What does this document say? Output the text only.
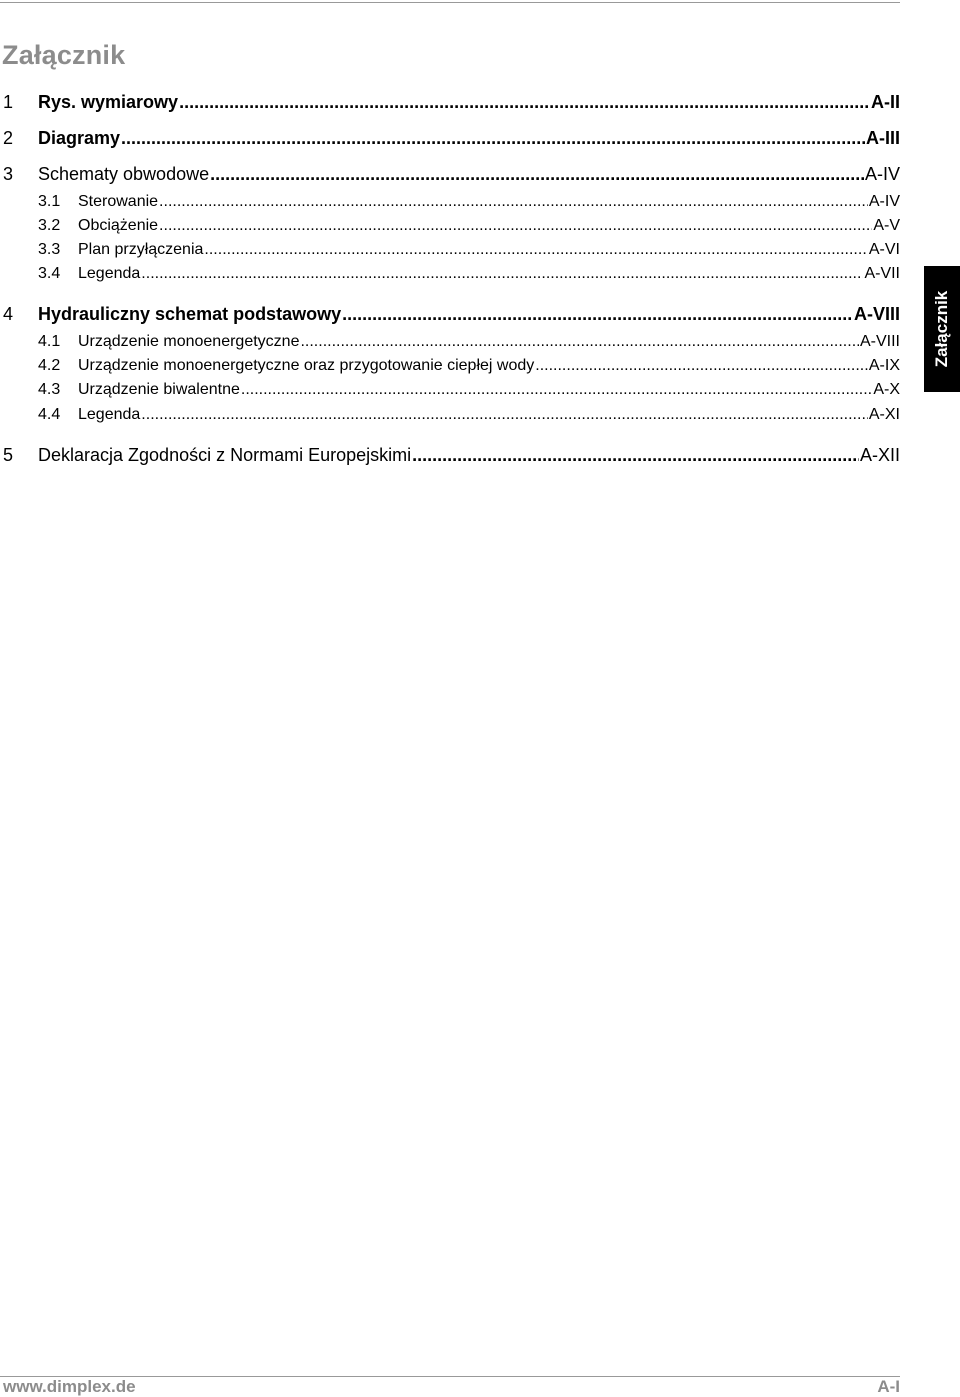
Załącznik
1	Rys. wymiarowy .....	A-II
2	Diagramy .....	A-III
3	Schematy obwodowe .....	A-IV
3.1	Sterowanie .....	A-IV
3.2	Obciążenie .....	A-V
3.3	Plan przyłączenia .....	A-VI
3.4	Legenda .....	A-VII
4	Hydrauliczny schemat podstawowy .....	A-VIII
4.1	Urządzenie monoenergetyczne .....	A-VIII
4.2	Urządzenie monoenergetyczne oraz przygotowanie ciepłej wody .....	A-IX
4.3	Urządzenie biwalentne .....	A-X
4.4	Legenda .....	A-XI
5	Deklaracja Zgodności z Normami Europejskimi .....	A-XII
Załącznik
www.dimplex.de	A-I
